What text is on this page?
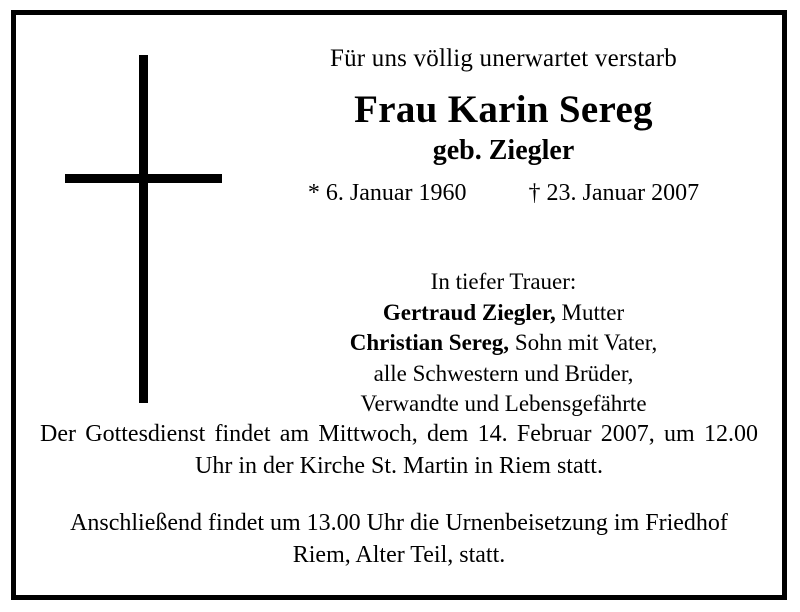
Für uns völlig unerwartet verstarb
Frau Karin Sereg
geb. Ziegler
* 6. Januar 1960	† 23. Januar 2007
In tiefer Trauer:
Gertraud Ziegler, Mutter
Christian Sereg, Sohn mit Vater,
alle Schwestern und Brüder,
Verwandte und Lebensgefährte
Der Gottesdienst findet am Mittwoch, dem 14. Februar 2007, um 12.00 Uhr in der Kirche St. Martin in Riem statt.
Anschließend findet um 13.00 Uhr die Urnenbeisetzung im Friedhof Riem, Alter Teil, statt.
